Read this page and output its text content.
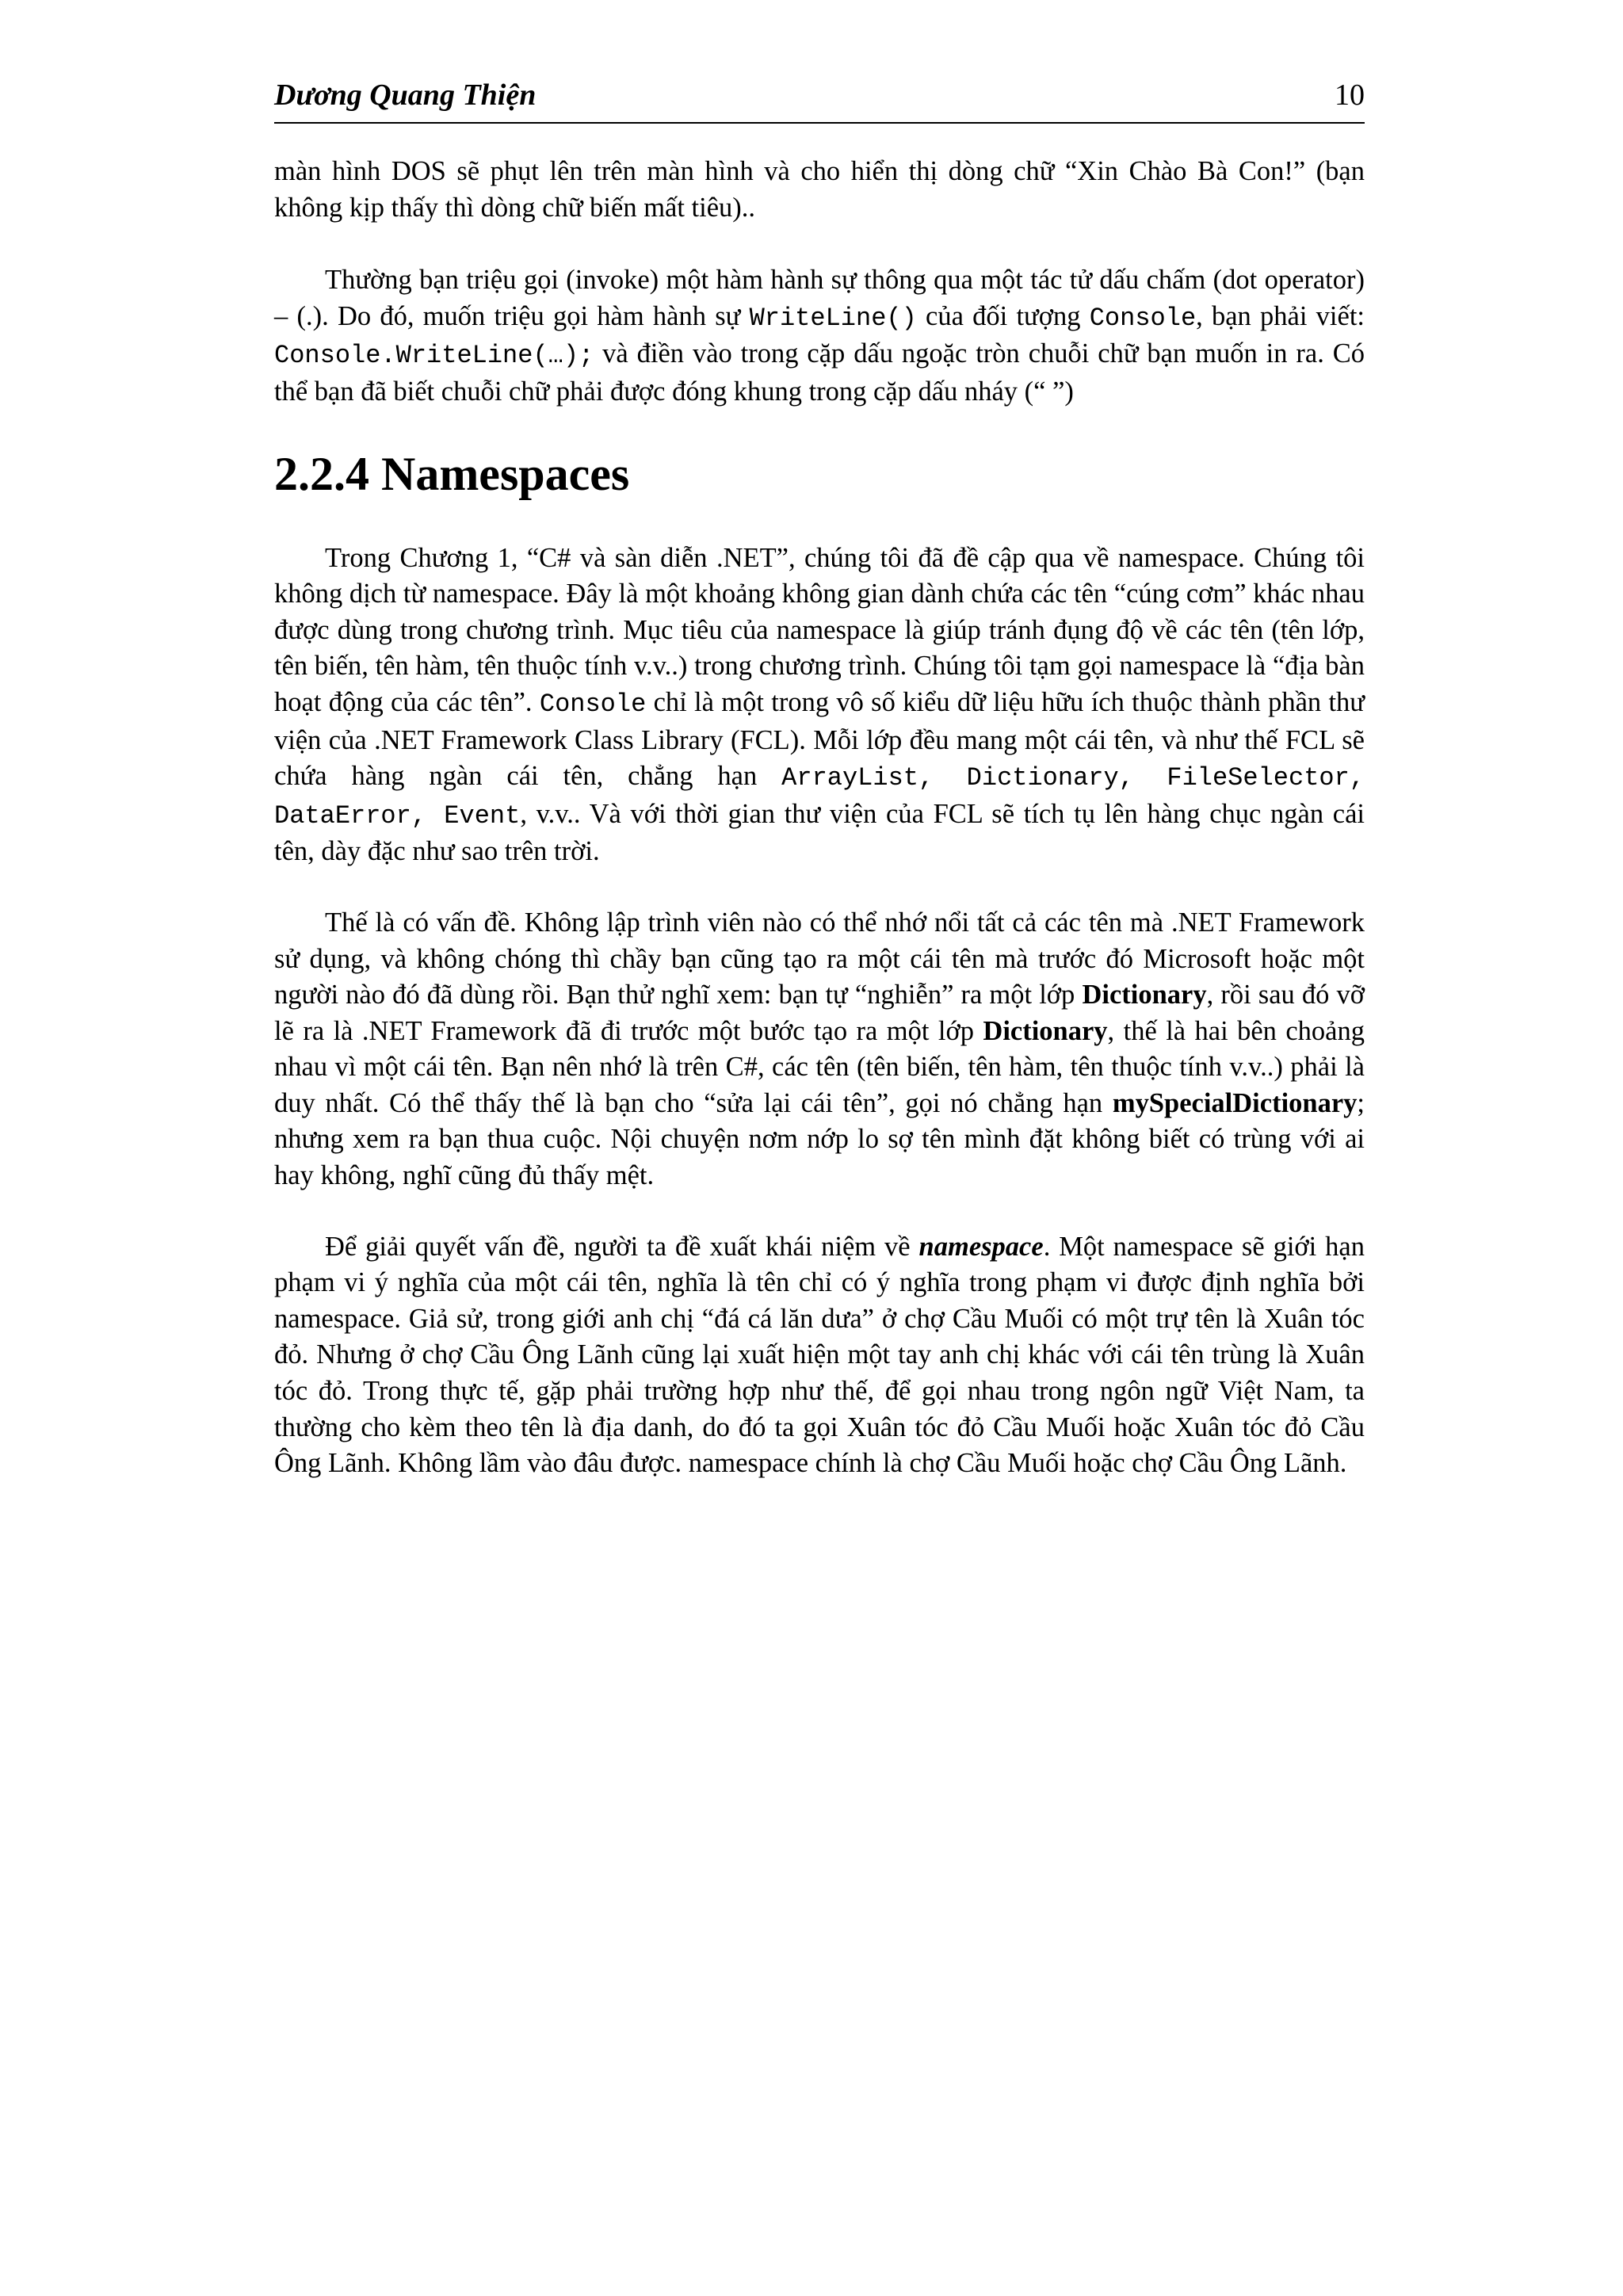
Dương Quang Thiện	10

màn hình DOS sẽ phụt lên trên màn hình và cho hiển thị dòng chữ “Xin Chào Bà Con!” (bạn không kịp thấy thì dòng chữ biến mất tiêu)..

Thường bạn triệu gọi (invoke) một hàm hành sự thông qua một tác tử dấu chấm (dot operator) – (.). Do đó, muốn triệu gọi hàm hành sự WriteLine() của đối tượng Console, bạn phải viết: Console.WriteLine(…); và điền vào trong cặp dấu ngoặc tròn chuỗi chữ bạn muốn in ra. Có thể bạn đã biết chuỗi chữ phải được đóng khung trong cặp dấu nháy (“ ”)

2.2.4 Namespaces

Trong Chương 1, “C# và sàn diễn .NET”, chúng tôi đã đề cập qua về namespace. Chúng tôi không dịch từ namespace. Đây là một khoảng không gian dành chứa các tên “cúng cơm” khác nhau được dùng trong chương trình. Mục tiêu của namespace là giúp tránh đụng độ về các tên (tên lớp, tên biến, tên hàm, tên thuộc tính v.v..) trong chương trình. Chúng tôi tạm gọi namespace là “địa bàn hoạt động của các tên”. Console chỉ là một trong vô số kiểu dữ liệu hữu ích thuộc thành phần thư viện của .NET Framework Class Library (FCL). Mỗi lớp đều mang một cái tên, và như thế FCL sẽ chứa hàng ngàn cái tên, chẳng hạn ArrayList, Dictionary, FileSelector, DataError, Event, v.v.. Và với thời gian thư viện của FCL sẽ tích tụ lên hàng chục ngàn cái tên, dày đặc như sao trên trời.

Thế là có vấn đề. Không lập trình viên nào có thể nhớ nổi tất cả các tên mà .NET Framework sử dụng, và không chóng thì chầy bạn cũng tạo ra một cái tên mà trước đó Microsoft hoặc một người nào đó đã dùng rồi. Bạn thử nghĩ xem: bạn tự “nghiễn” ra một lớp Dictionary, rồi sau đó vỡ lẽ ra là .NET Framework đã đi trước một bước tạo ra một lớp Dictionary, thế là hai bên choảng nhau vì một cái tên. Bạn nên nhớ là trên C#, các tên (tên biến, tên hàm, tên thuộc tính v.v..) phải là duy nhất. Có thể thấy thế là bạn cho “sửa lại cái tên”, gọi nó chẳng hạn mySpecialDictionary; nhưng xem ra bạn thua cuộc. Nội chuyện nơm nớp lo sợ tên mình đặt không biết có trùng với ai hay không, nghĩ cũng đủ thấy mệt.

Để giải quyết vấn đề, người ta đề xuất khái niệm về namespace. Một namespace sẽ giới hạn phạm vi ý nghĩa của một cái tên, nghĩa là tên chỉ có ý nghĩa trong phạm vi được định nghĩa bởi namespace. Giả sử, trong giới anh chị “đá cá lăn dưa” ở chợ Cầu Muối có một trự tên là Xuân tóc đỏ. Nhưng ở chợ Cầu Ông Lãnh cũng lại xuất hiện một tay anh chị khác với cái tên trùng là Xuân tóc đỏ. Trong thực tế, gặp phải trường hợp như thế, để gọi nhau trong ngôn ngữ Việt Nam, ta thường cho kèm theo tên là địa danh, do đó ta gọi Xuân tóc đỏ Cầu Muối hoặc Xuân tóc đỏ Cầu Ông Lãnh. Không lầm vào đâu được. namespace chính là chợ Cầu Muối hoặc chợ Cầu Ông Lãnh.
